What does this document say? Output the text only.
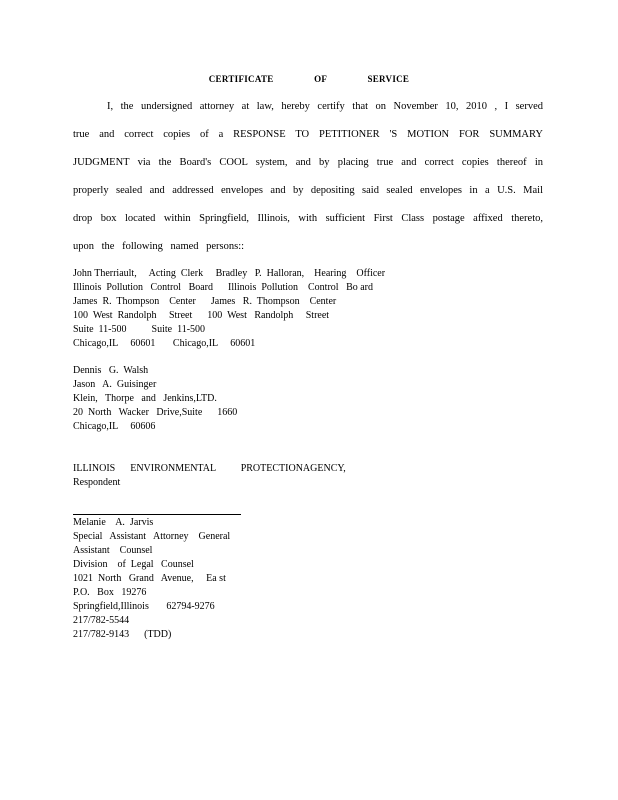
CERTIFICATE OF SERVICE
I, the undersigned attorney at law, hereby certify that on November 10, 2010 , I served
true and correct copies of a RESPONSE TO PETITIONER 'S MOTION FOR SUMMARY
JUDGMENT via the Board's COOL system, and by placing true and correct copies thereof in
properly sealed and addressed envelopes and by depositing said sealed envelopes in a U.S. Mail
drop box located within Springfield, Illinois, with sufficient First Class postage affixed thereto,
upon the following named persons::
John Therriault,     Acting  Clerk     Bradley   P.  Halloran,    Hearing    Officer
Illinois  Pollution   Control   Board      Illinois  Pollution    Control   Bo ard
James  R.  Thompson    Center      James   R.  Thompson    Center
100  West  Randolph     Street      100  West   Randolph     Street
Suite  11-500          Suite  11-500
Chicago,IL     60601       Chicago,IL     60601
Dennis   G.  Walsh
Jason   A.  Guisinger
Klein,   Thorpe   and   Jenkins,LTD.
20  North   Wacker   Drive,Suite      1660
Chicago,IL     60606
ILLINOIS      ENVIRONMENTAL          PROTECTIONAGENCY,
Respondent
Melanie    A.  Jarvis
Special   Assistant   Attorney    General
Assistant    Counsel
Division    of  Legal   Counsel
1021  North   Grand   Avenue,     Ea st
P.O.   Box   19276
Springfield,Illinois       62794-9276
217/782-5544
217/782-9143      (TDD)
